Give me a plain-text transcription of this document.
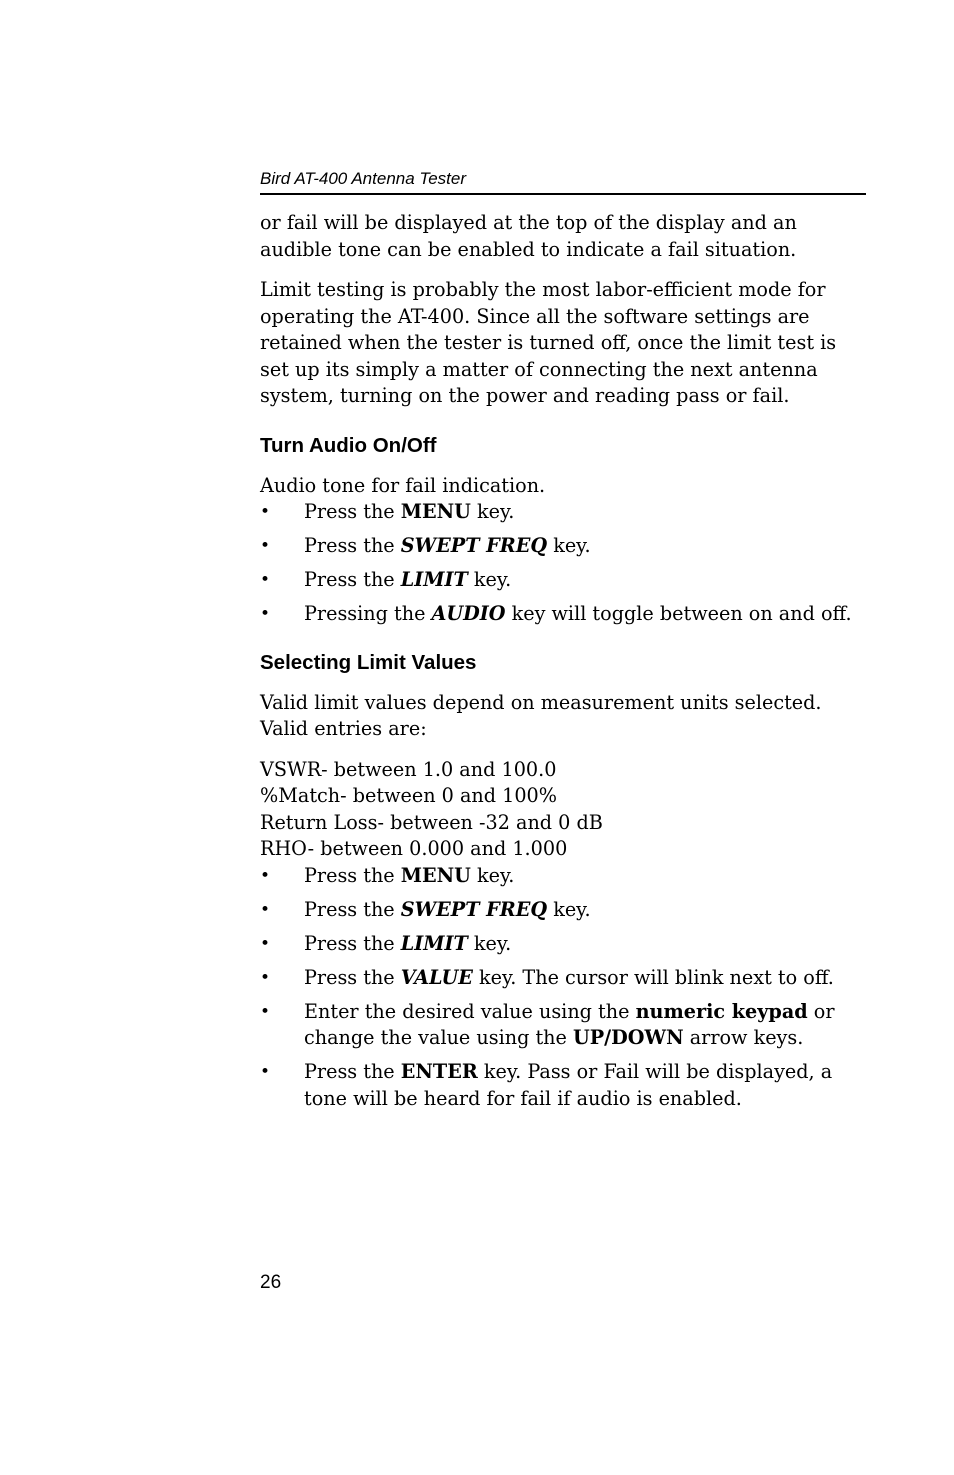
Bird AT-400 Antenna Tester

or fail will be displayed at the top of the display and an audible tone can be enabled to indicate a fail situation.

Limit testing is probably the most labor-efficient mode for operating the AT-400. Since all the software settings are retained when the tester is turned off, once the limit test is set up its simply a matter of connecting the next antenna system, turning on the power and reading pass or fail.

Turn Audio On/Off

Audio tone for fail indication.

• Press the MENU key.
• Press the SWEPT FREQ key.
• Press the LIMIT key.
• Pressing the AUDIO key will toggle between on and off.
Selecting Limit Values

Valid limit values depend on measurement units selected. Valid entries are:

VSWR- between 1.0 and 100.0
%Match- between 0 and 100%
Return Loss- between -32 and 0 dB
RHO- between 0.000 and 1.000

• Press the MENU key.
• Press the SWEPT FREQ key.
• Press the LIMIT key.
• Press the VALUE key. The cursor will blink next to off.
• Enter the desired value using the numeric keypad or change the value using the UP/DOWN arrow keys.
• Press the ENTER key. Pass or Fail will be displayed, a tone will be heard for fail if audio is enabled.
26
